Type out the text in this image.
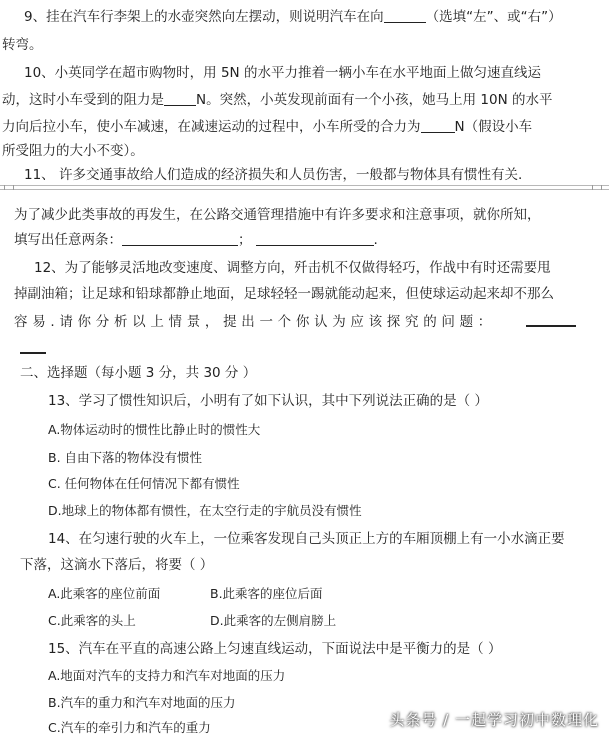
9、挂在汽车行李架上的水壶突然向左摆动，则说明汽车在向	（选填“左”、或“右”）
转弯。
10、小英同学在超市购物时，用 5N 的水平力推着一辆小车在水平地面上做匀速直线运
动，这时小车受到的阻力是 N。突然，小英发现前面有一个小孩，她马上用 10N 的水平
力向后拉小车，使小车减速，在减速运动的过程中，小车所受的合力为	N（假设小车
所受阻力的大小不变）。
11、 许多交通事故给人们造成的经济损失和人员伤害，一般都与物体具有惯性有关.
为了减少此类事故的再发生，在公路交通管理措施中有许多要求和注意事项，就你所知，
填写出任意两条：	；	.
12、为了能够灵活地改变速度、调整方向，歼击机不仅做得轻巧，作战中有时还需要甩
掉副油箱；让足球和铅球都静止地面，足球轻轻一踢就能动起来，但使球运动起来却不那么
容 易 . 请 你 分 析 以 上 情 景 ， 提 出 一 个 你 认 为 应 该 探 究 的 问 题 ：
二、选择题（每小题 3 分，共 30 分 ）
13、学习了惯性知识后，小明有了如下认识，其中下列说法正确的是（ ）
A.物体运动时的惯性比静止时的惯性大
B. 自由下落的物体没有惯性
C. 任何物体在任何情况下都有惯性
D.地球上的物体都有惯性，在太空行走的宇航员没有惯性
14、在匀速行驶的火车上，一位乘客发现自己头顶正上方的车厢顶棚上有一小水滴正要
下落，这滴水下落后，将要（ ）
A.此乘客的座位前面	B.此乘客的座位后面
C.此乘客的头上	D.此乘客的左侧肩膀上
15、汽车在平直的高速公路上匀速直线运动，下面说法中是平衡力的是（ ）
A.地面对汽车的支持力和汽车对地面的压力
B.汽车的重力和汽车对地面的压力
C.汽车的牵引力和汽车的重力	头条号 / 一起学习初中数理化
